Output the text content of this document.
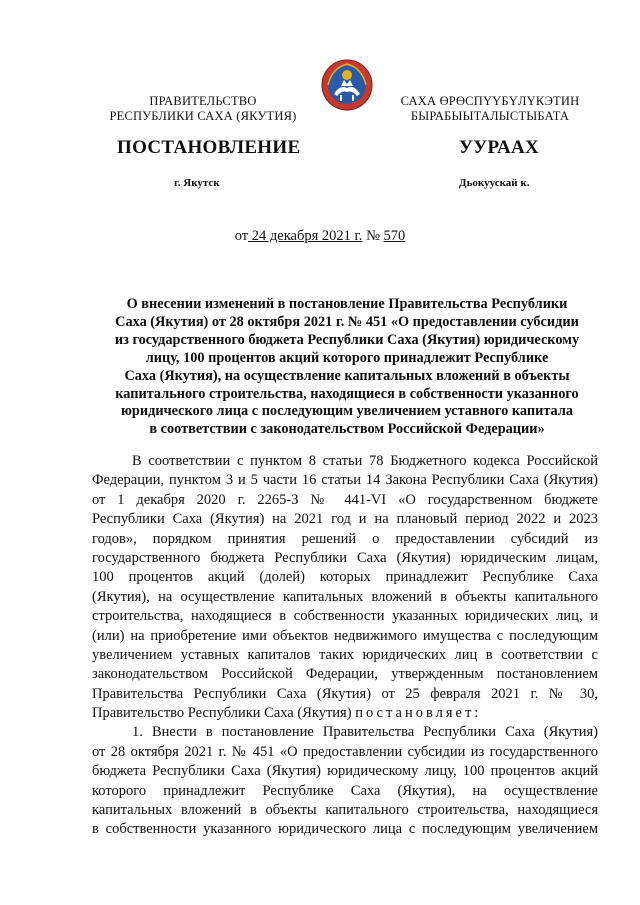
ПРАВИТЕЛЬСТВО
РЕСПУБЛИКИ САХА (ЯКУТИЯ)
САХА ӨРӨСПҮҮБҮЛҮКЭТИН
БЫРАБЫЫТАЛЫСТЫБАТА
ПОСТАНОВЛЕНИЕ	УУРААХ
г. Якутск	Дьокуускай к.
от 24 декабря 2021 г. № 570
О внесении изменений в постановление Правительства Республики
Саха (Якутия) от 28 октября 2021 г. № 451 «О предоставлении субсидии
из государственного бюджета Республики Саха (Якутия) юридическому
лицу, 100 процентов акций которого принадлежит Республике
Саха (Якутия), на осуществление капитальных вложений в объекты
капитального строительства, находящиеся в собственности указанного
юридического лица с последующим увеличением уставного капитала
в соответствии с законодательством Российской Федерации»
В соответствии с пунктом 8 статьи 78 Бюджетного кодекса Российской
Федерации, пунктом 3 и 5 части 16 статьи 14 Закона Республики Саха (Якутия)
от 1 декабря 2020 г. 2265-З № 441-VI «О государственном бюджете
Республики Саха (Якутия) на 2021 год и на плановый период 2022 и 2023
годов», порядком принятия решений о предоставлении субсидий из
государственного бюджета Республики Саха (Якутия) юридическим лицам,
100 процентов акций (долей) которых принадлежит Республике Саха
(Якутия), на осуществление капитальных вложений в объекты капитального
строительства, находящиеся в собственности указанных юридических лиц, и
(или) на приобретение ими объектов недвижимого имущества с последующим
увеличением уставных капиталов таких юридических лиц в соответствии с
законодательством Российской Федерации, утвержденным постановлением
Правительства Республики Саха (Якутия) от 25 февраля 2021 г. № 30,
Правительство Республики Саха (Якутия) постановляет:
1. Внести в постановление Правительства Республики Саха (Якутия)
от 28 октября 2021 г. № 451 «О предоставлении субсидии из государственного
бюджета Республики Саха (Якутия) юридическому лицу, 100 процентов акций
которого принадлежит Республике Саха (Якутия), на осуществление
капитальных вложений в объекты капитального строительства, находящиеся
в собственности указанного юридического лица с последующим увеличением
